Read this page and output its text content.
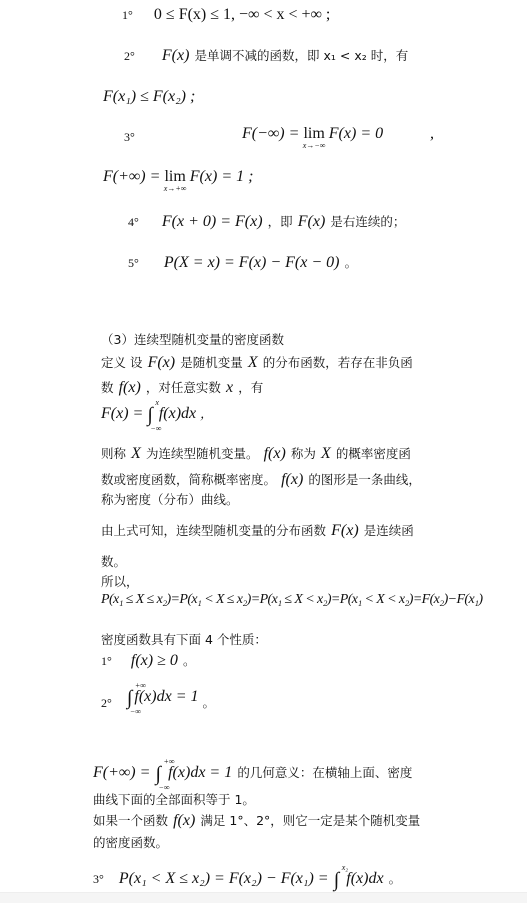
1° 0 ≤ F(x) ≤ 1, −∞ < x < +∞ ;
2° F(x) 是单调不减的函数，即 x₁ < x₂ 时，有
F(x₁) ≤ F(x₂) ;
3°	F(−∞) = lim
x→−∞
F(x) = 0	,
F(+∞) = lim
x→+∞
F(x) = 1 ;
4° F(x + 0) = F(x) ，即 F(x) 是右连续的；
5° P(X = x) = F(x) − F(x − 0) 。
（3）连续型随机变量的密度函数
定义 设 F(x) 是随机变量 X 的分布函数，若存在非负函
数 f(x) ，对任意实数 x ，有
F(x) = ∫
x
−∞
f(x)dx ，
则称 X 为连续型随机变量。 f(x) 称为 X 的概率密度函
数或密度函数，简称概率密度。 f(x) 的图形是一条曲线，
称为密度（分布）曲线。
由上式可知，连续型随机变量的分布函数 F(x) 是连续函
数。
所以，
P(x₁ ≤ X ≤ x₂)=P(x₁ < X ≤ x₂)=P(x₁ ≤ X < x₂)=P(x₁ < X < x₂)=F(x₂)−F(x₁)
密度函数具有下面 4 个性质：
1° f(x) ≥ 0 。
$_{2^\circ}$ ∫
+∞
−∞
f(x)dx = 1 $_。$
F(+∞) = ∫
+∞
−∞
f(x)dx = 1 的几何意义：在横轴上面、密度
曲线下面的全部面积等于 1。
如果一个函数 f(x) 满足 1°、2°，则它一定是某个随机变量
的密度函数。
3° P(x₁ < X ≤ x₂) = F(x₂) − F(x₁) = ∫
x₂
f(x)dx 。
